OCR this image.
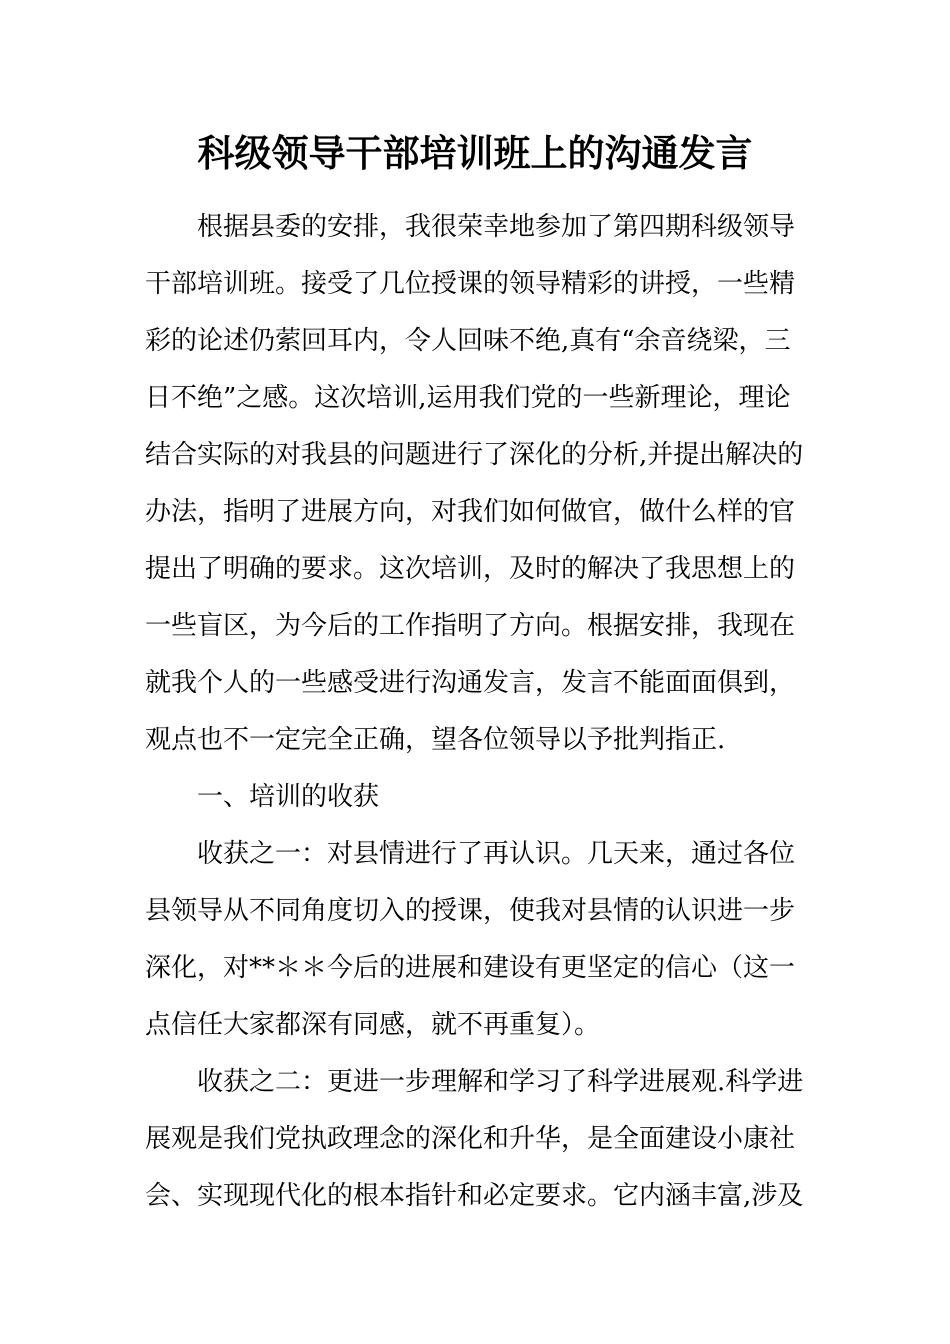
科级领导干部培训班上的沟通发言

根据县委的安排，我很荣幸地参加了第四期科级领导

干部培训班。接受了几位授课的领导精彩的讲授，一些精

彩的论述仍萦回耳内，令人回味不绝,真有“余音绕梁，三

日不绝”之感。这次培训,运用我们党的一些新理论，理论

结合实际的对我县的问题进行了深化的分析,并提出解决的

办法，指明了进展方向，对我们如何做官，做什么样的官

提出了明确的要求。这次培训，及时的解决了我思想上的

一些盲区，为今后的工作指明了方向。根据安排，我现在

就我个人的一些感受进行沟通发言，发言不能面面俱到，

观点也不一定完全正确，望各位领导以予批判指正.

一、培训的收获

收获之一：对县情进行了再认识。几天来，通过各位

县领导从不同角度切入的授课，使我对县情的认识进一步

深化，对**＊＊今后的进展和建设有更坚定的信心（这一

点信任大家都深有同感，就不再重复）。

收获之二：更进一步理解和学习了科学进展观.科学进

展观是我们党执政理念的深化和升华，是全面建设小康社

会、实现现代化的根本指针和必定要求。它内涵丰富,涉及
